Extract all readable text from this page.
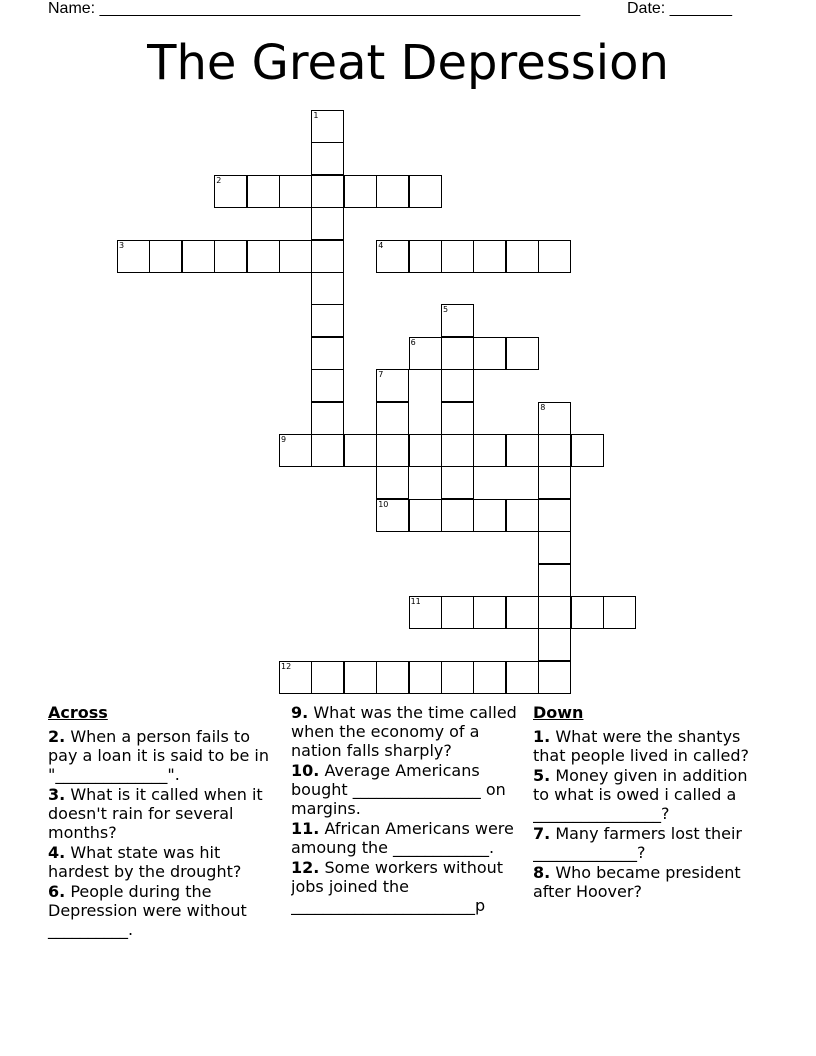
Name: ______________________________________________________	Date: _______
The Great Depression
1
2
3	4
5
6
7
10
8
9
11
12
Across
2. When a person fails to pay a loan it is said to be in "______________".
3. What is it called when it doesn't rain for several months?
4. What state was hit hardest by the drought?
6. People during the Depression were without __________.
9. What was the time called when the economy of a nation falls sharply?
10. Average Americans bought ________________ on margins.
11. African Americans were amoung the ____________.
12. Some workers without jobs joined the _______________________p
Down
1. What were the shantys that people lived in called?
5. Money given in addition to what is owed i called a ________________?
7. Many farmers lost their _____________?
8. Who became president after Hoover?
